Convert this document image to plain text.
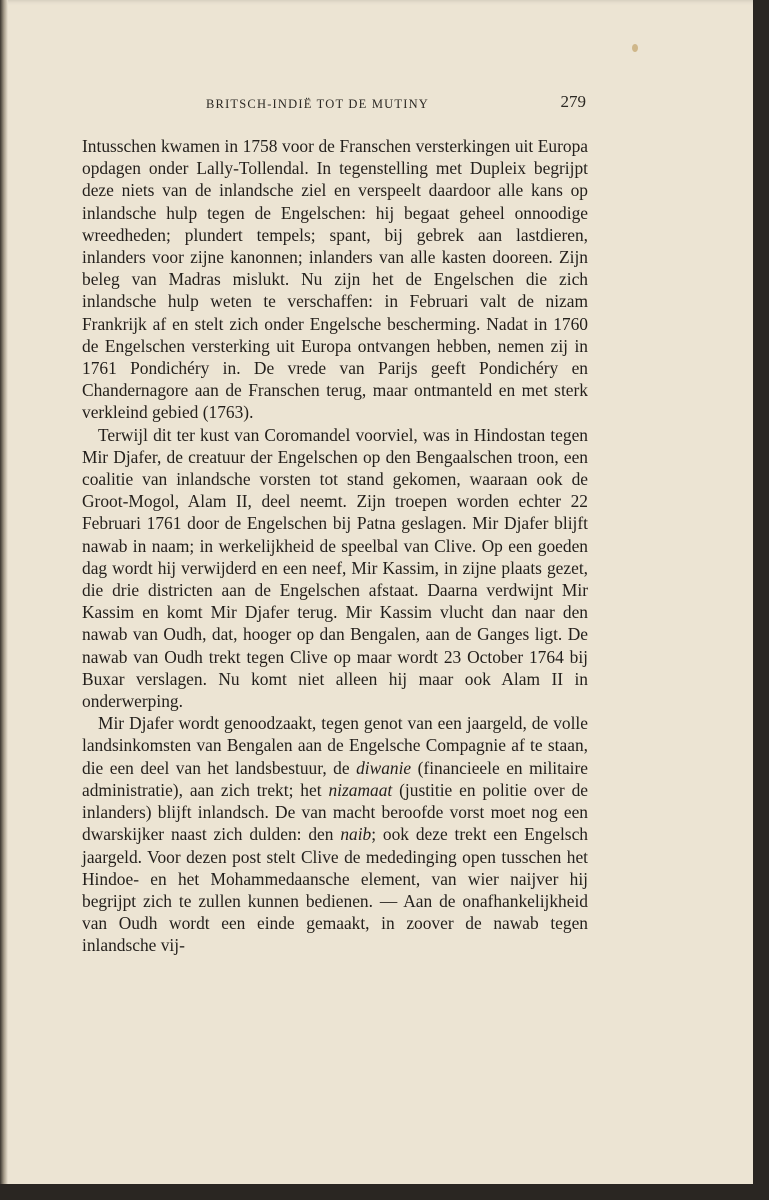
BRITSCH-INDIË TOT DE MUTINY	279

Intusschen kwamen in 1758 voor de Franschen versterkingen uit Europa opdagen onder Lally-Tollendal. In tegenstelling met Dupleix begrijpt deze niets van de inlandsche ziel en verspeelt daardoor alle kans op inlandsche hulp tegen de Engelschen: hij begaat geheel onnoodige wreedheden; plundert tempels; spant, bij gebrek aan lastdieren, inlanders voor zijne kanonnen; inlanders van alle kasten dooreen. Zijn beleg van Madras mislukt. Nu zijn het de Engelschen die zich inlandsche hulp weten te verschaffen: in Februari valt de nizam Frankrijk af en stelt zich onder Engelsche bescherming. Nadat in 1760 de Engelschen versterking uit Europa ontvangen hebben, nemen zij in 1761 Pondichéry in. De vrede van Parijs geeft Pondichéry en Chandernagore aan de Franschen terug, maar ontmanteld en met sterk verkleind gebied (1763).

Terwijl dit ter kust van Coromandel voorviel, was in Hindostan tegen Mir Djafer, de creatuur der Engelschen op den Bengaalschen troon, een coalitie van inlandsche vorsten tot stand gekomen, waaraan ook de Groot-Mogol, Alam II, deel neemt. Zijn troepen worden echter 22 Februari 1761 door de Engelschen bij Patna geslagen. Mir Djafer blijft nawab in naam; in werkelijkheid de speelbal van Clive. Op een goeden dag wordt hij verwijderd en een neef, Mir Kassim, in zijne plaats gezet, die drie districten aan de Engelschen afstaat. Daarna verdwijnt Mir Kassim en komt Mir Djafer terug. Mir Kassim vlucht dan naar den nawab van Oudh, dat, hooger op dan Bengalen, aan de Ganges ligt. De nawab van Oudh trekt tegen Clive op maar wordt 23 October 1764 bij Buxar verslagen. Nu komt niet alleen hij maar ook Alam II in onderwerping.

Mir Djafer wordt genoodzaakt, tegen genot van een jaargeld, de volle landsinkomsten van Bengalen aan de Engelsche Compagnie af te staan, die een deel van het landsbestuur, de diwanie (financieele en militaire administratie), aan zich trekt; het nizamaat (justitie en politie over de inlanders) blijft inlandsch. De van macht beroofde vorst moet nog een dwarskijker naast zich dulden: den naib; ook deze trekt een Engelsch jaargeld. Voor dezen post stelt Clive de mededinging open tusschen het Hindoe- en het Mohammedaansche element, van wier naijver hij begrijpt zich te zullen kunnen bedienen. — Aan de onafhankelijkheid van Oudh wordt een einde gemaakt, in zoover de nawab tegen inlandsche vij-
